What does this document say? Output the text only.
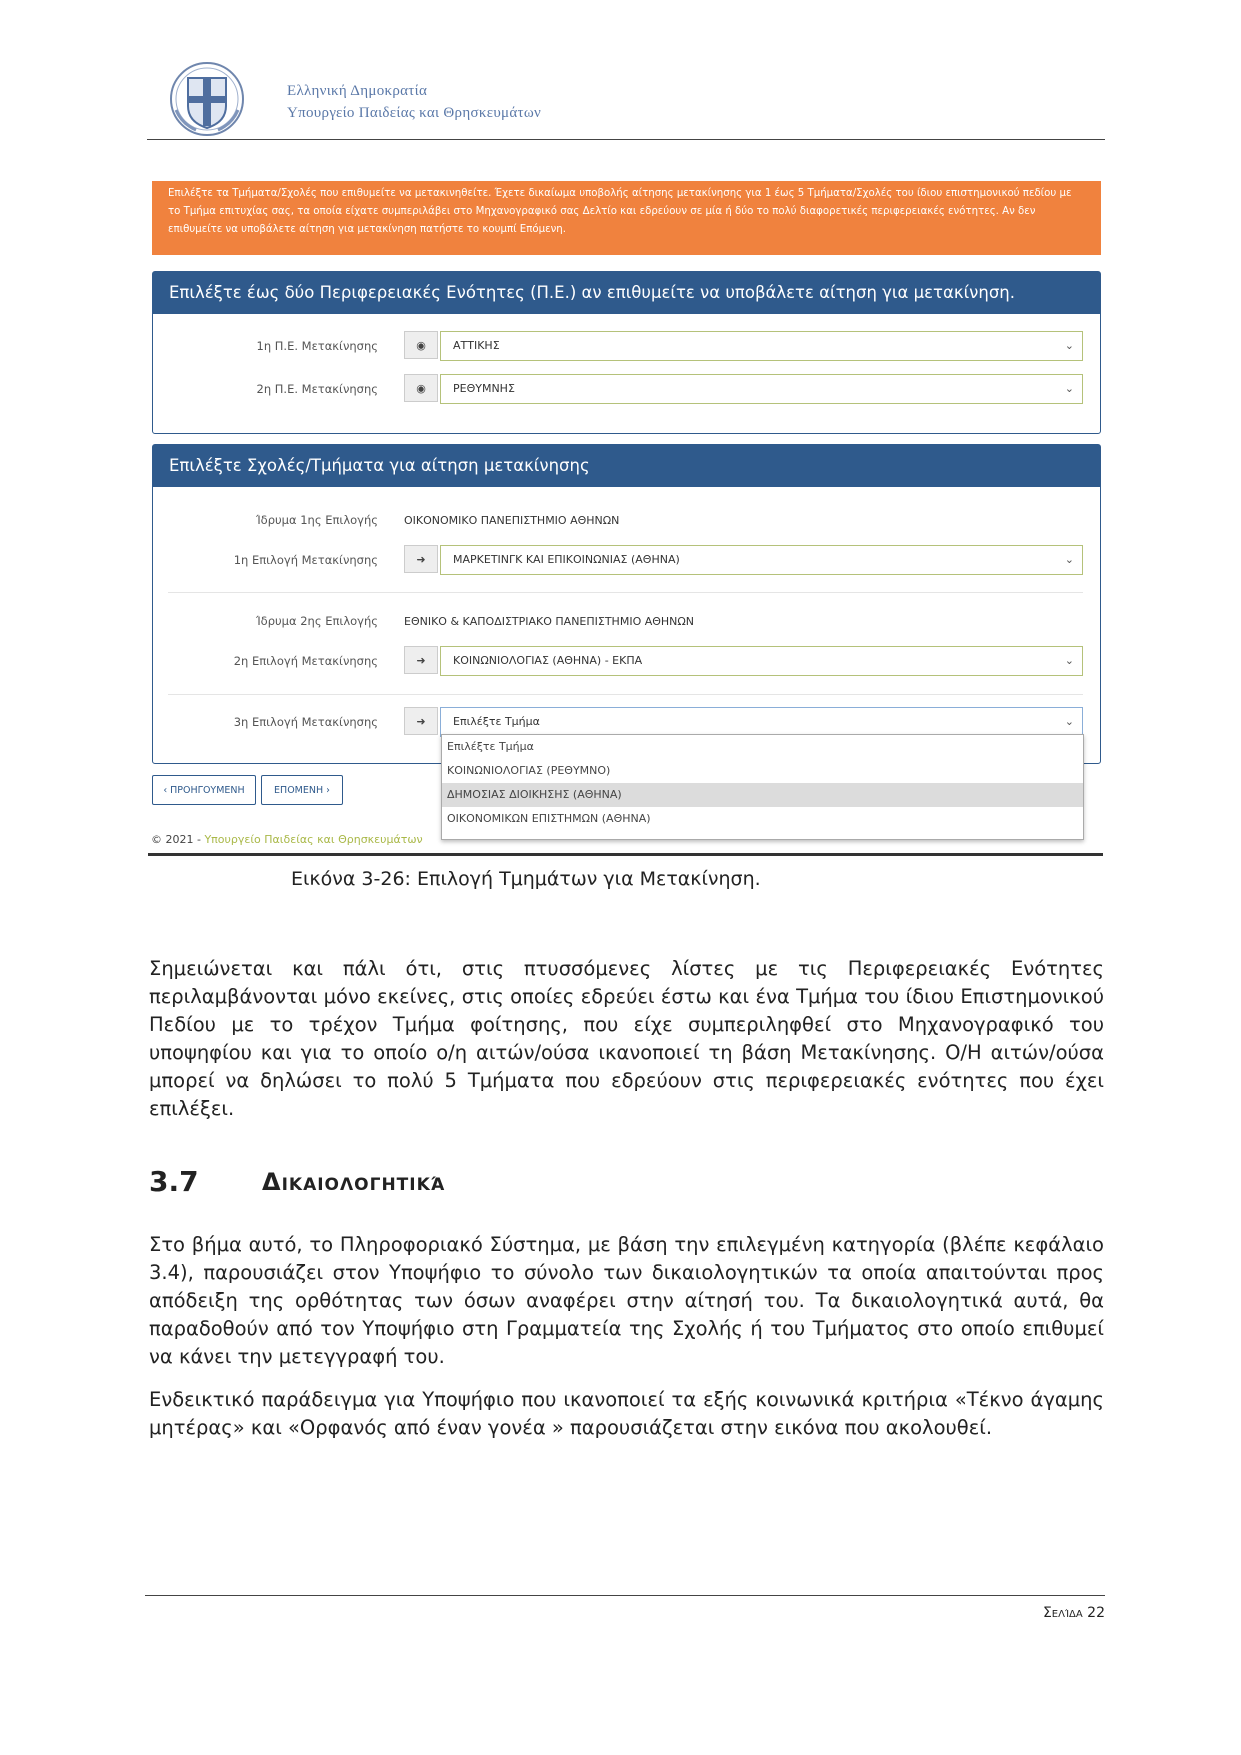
Ελληνική Δημοκρατία
Υπουργείο Παιδείας και Θρησκευμάτων
Επιλέξτε τα Τμήματα/Σχολές που επιθυμείτε να μετακινηθείτε. Έχετε δικαίωμα υποβολής αίτησης μετακίνησης για 1 έως 5 Τμήματα/Σχολές του ίδιου επιστημονικού πεδίου με το Τμήμα επιτυχίας σας, τα οποία είχατε συμπεριλάβει στο Μηχανογραφικό σας Δελτίο και εδρεύουν σε μία ή δύο το πολύ διαφορετικές περιφερειακές ενότητες. Αν δεν επιθυμείτε να υποβάλετε αίτηση για μετακίνηση πατήστε το κουμπί Επόμενη.
Επιλέξτε έως δύο Περιφερειακές Ενότητες (Π.Ε.) αν επιθυμείτε να υποβάλετε αίτηση για μετακίνηση.
1η Π.Ε. Μετακίνησης	◉	ΑΤΤΙΚΗΣ	⌄
2η Π.Ε. Μετακίνησης	◉	ΡΕΘΥΜΝΗΣ	⌄
Επιλέξτε Σχολές/Τμήματα για αίτηση μετακίνησης
Ίδρυμα 1ης Επιλογής ΟΙΚΟΝΟΜΙΚΟ ΠΑΝΕΠΙΣΤΗΜΙΟ ΑΘΗΝΩΝ
1η Επιλογή Μετακίνησης	➜	ΜΑΡΚΕΤΙΝΓΚ ΚΑΙ ΕΠΙΚΟΙΝΩΝΙΑΣ (ΑΘΗΝΑ)	⌄
Ίδρυμα 2ης Επιλογής ΕΘΝΙΚΟ & ΚΑΠΟΔΙΣΤΡΙΑΚΟ ΠΑΝΕΠΙΣΤΗΜΙΟ ΑΘΗΝΩΝ
2η Επιλογή Μετακίνησης	➜	ΚΟΙΝΩΝΙΟΛΟΓΙΑΣ (ΑΘΗΝΑ) - ΕΚΠΑ	⌄
3η Επιλογή Μετακίνησης	➜	Επιλέξτε Τμήμα	⌄
‹ ΠΡΟΗΓΟΥΜΕΝΗ	ΕΠΟΜΕΝΗ ›
Επιλέξτε Τμήμα
ΚΟΙΝΩΝΙΟΛΟΓΙΑΣ (ΡΕΘΥΜΝΟ)
ΔΗΜΟΣΙΑΣ ΔΙΟΙΚΗΣΗΣ (ΑΘΗΝΑ)
ΟΙΚΟΝΟΜΙΚΩΝ ΕΠΙΣΤΗΜΩΝ (ΑΘΗΝΑ)
© 2021 - Υπουργείο Παιδείας και Θρησκευμάτων
Εικόνα 3-26: Επιλογή Τμημάτων για Μετακίνηση.
Σημειώνεται και πάλι ότι, στις πτυσσόμενες λίστες με τις Περιφερειακές Ενότητες περιλαμβάνονται μόνο εκείνες, στις οποίες εδρεύει έστω και ένα Τμήμα του ίδιου Επιστημονικού Πεδίου με το τρέχον Τμήμα φοίτησης, που είχε συμπεριληφθεί στο Μηχανογραφικό του υποψηφίου και για το οποίο ο/η αιτών/ούσα ικανοποιεί τη βάση Μετακίνησης. Ο/Η αιτών/ούσα μπορεί να δηλώσει το πολύ 5 Τμήματα που εδρεύουν στις περιφερειακές ενότητες που έχει επιλέξει.
3.7	Δικαιολογητικά
Στο βήμα αυτό, το Πληροφοριακό Σύστημα, με βάση την επιλεγμένη κατηγορία (βλέπε κεφάλαιο 3.4), παρουσιάζει στον Υποψήφιο το σύνολο των δικαιολογητικών τα οποία απαιτούνται προς απόδειξη της ορθότητας των όσων αναφέρει στην αίτησή του. Τα δικαιολογητικά αυτά, θα παραδοθούν από τον Υποψήφιο στη Γραμματεία της Σχολής ή του Τμήματος στο οποίο επιθυμεί να κάνει την μετεγγραφή του.
Ενδεικτικό παράδειγμα για Υποψήφιο που ικανοποιεί τα εξής κοινωνικά κριτήρια «Τέκνο άγαμης μητέρας» και «Ορφανός από έναν γονέα » παρουσιάζεται στην εικόνα που ακολουθεί.
Σελίδα 22
